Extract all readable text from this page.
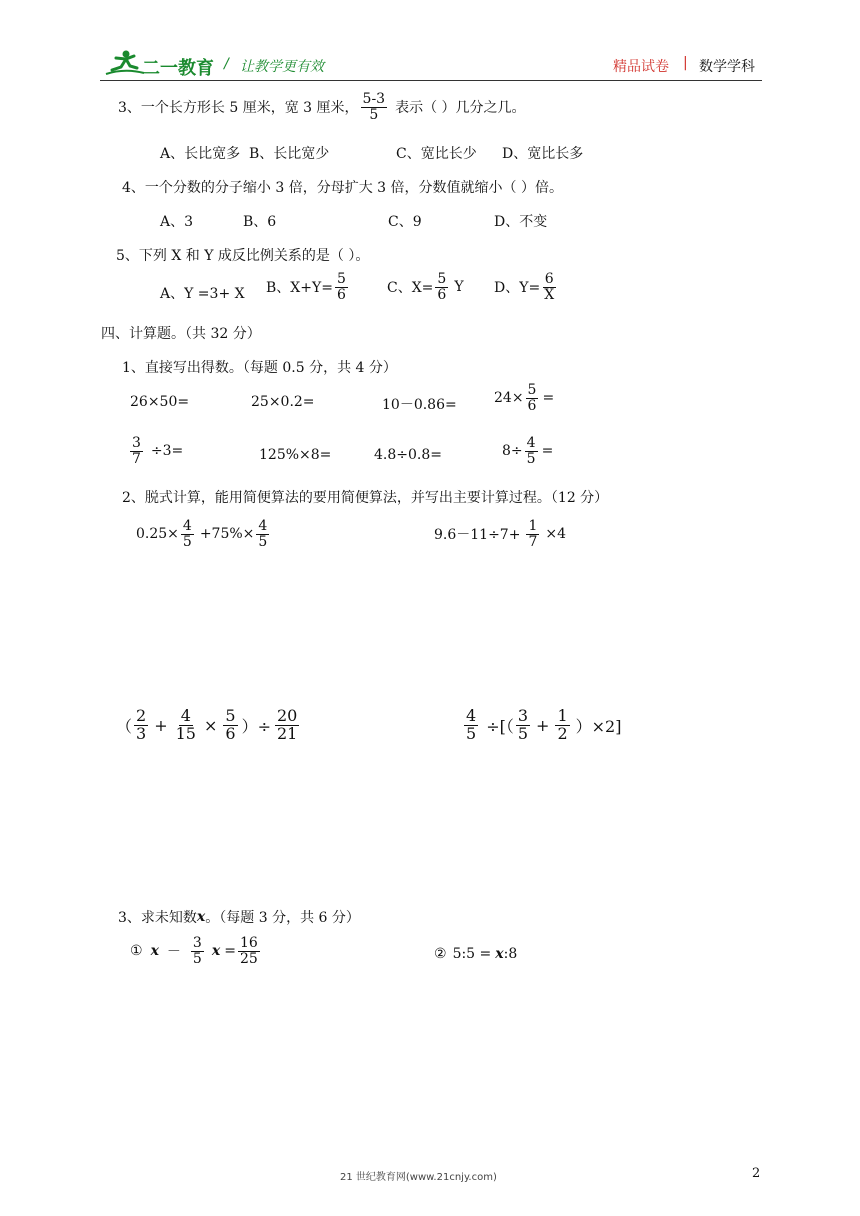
二一教育 / 让教学更有效	精品试卷 | 数学学科
3、一个长方形长 5 厘米，宽 3 厘米， $\frac{5-3}{5}$ 表示（ ）几分之几。
A、长比宽多 B、长比宽少	C、宽比长少 D、宽比长多
4、一个分数的分子缩小 3 倍，分母扩大 3 倍，分数值就缩小（ ）倍。
A、3	B、6	C、9	D、不变
5、下列 X 和 Y 成反比例关系的是（ ）。
A、Y =3+ X B、$X+Y= \frac{5}{6}$	C、$X= \frac{5}{6}$ Y D、$Y= \frac{6}{X}$
四、计算题。（共 32 分）
1、直接写出得数。（每题 0.5 分，共 4 分）
26×50=	25×0.2=	10－0.86=	$24\times \frac{5}{6}$ =
$\frac{3}{7} \div 3=$	125%×8=	4.8÷0.8=	$8\div \frac{4}{5}$ =
2、脱式计算，能用简便算法的要用简便算法，并写出主要计算过程。（12 分）
$0.25\times \frac{4}{5} +75\%\times \frac{4}{5}$	$9.6-11\div 7+ \frac{1}{7} \times 4$
（ $\frac{2}{3} + \frac{4}{15} \times \frac{5}{6}$ ）÷ $\frac{20}{21}$	$\frac{4}{5}$ ÷[（ $\frac{3}{5} + \frac{1}{2} )\times 2$]
3、求未知数 x 。（每题 3 分，共 6 分）
① $x - \frac{3}{5}$ $x = \frac{16}{25}$	② 5:5 = x :8
21 世纪教育网(www.21cnjy.com)	2
